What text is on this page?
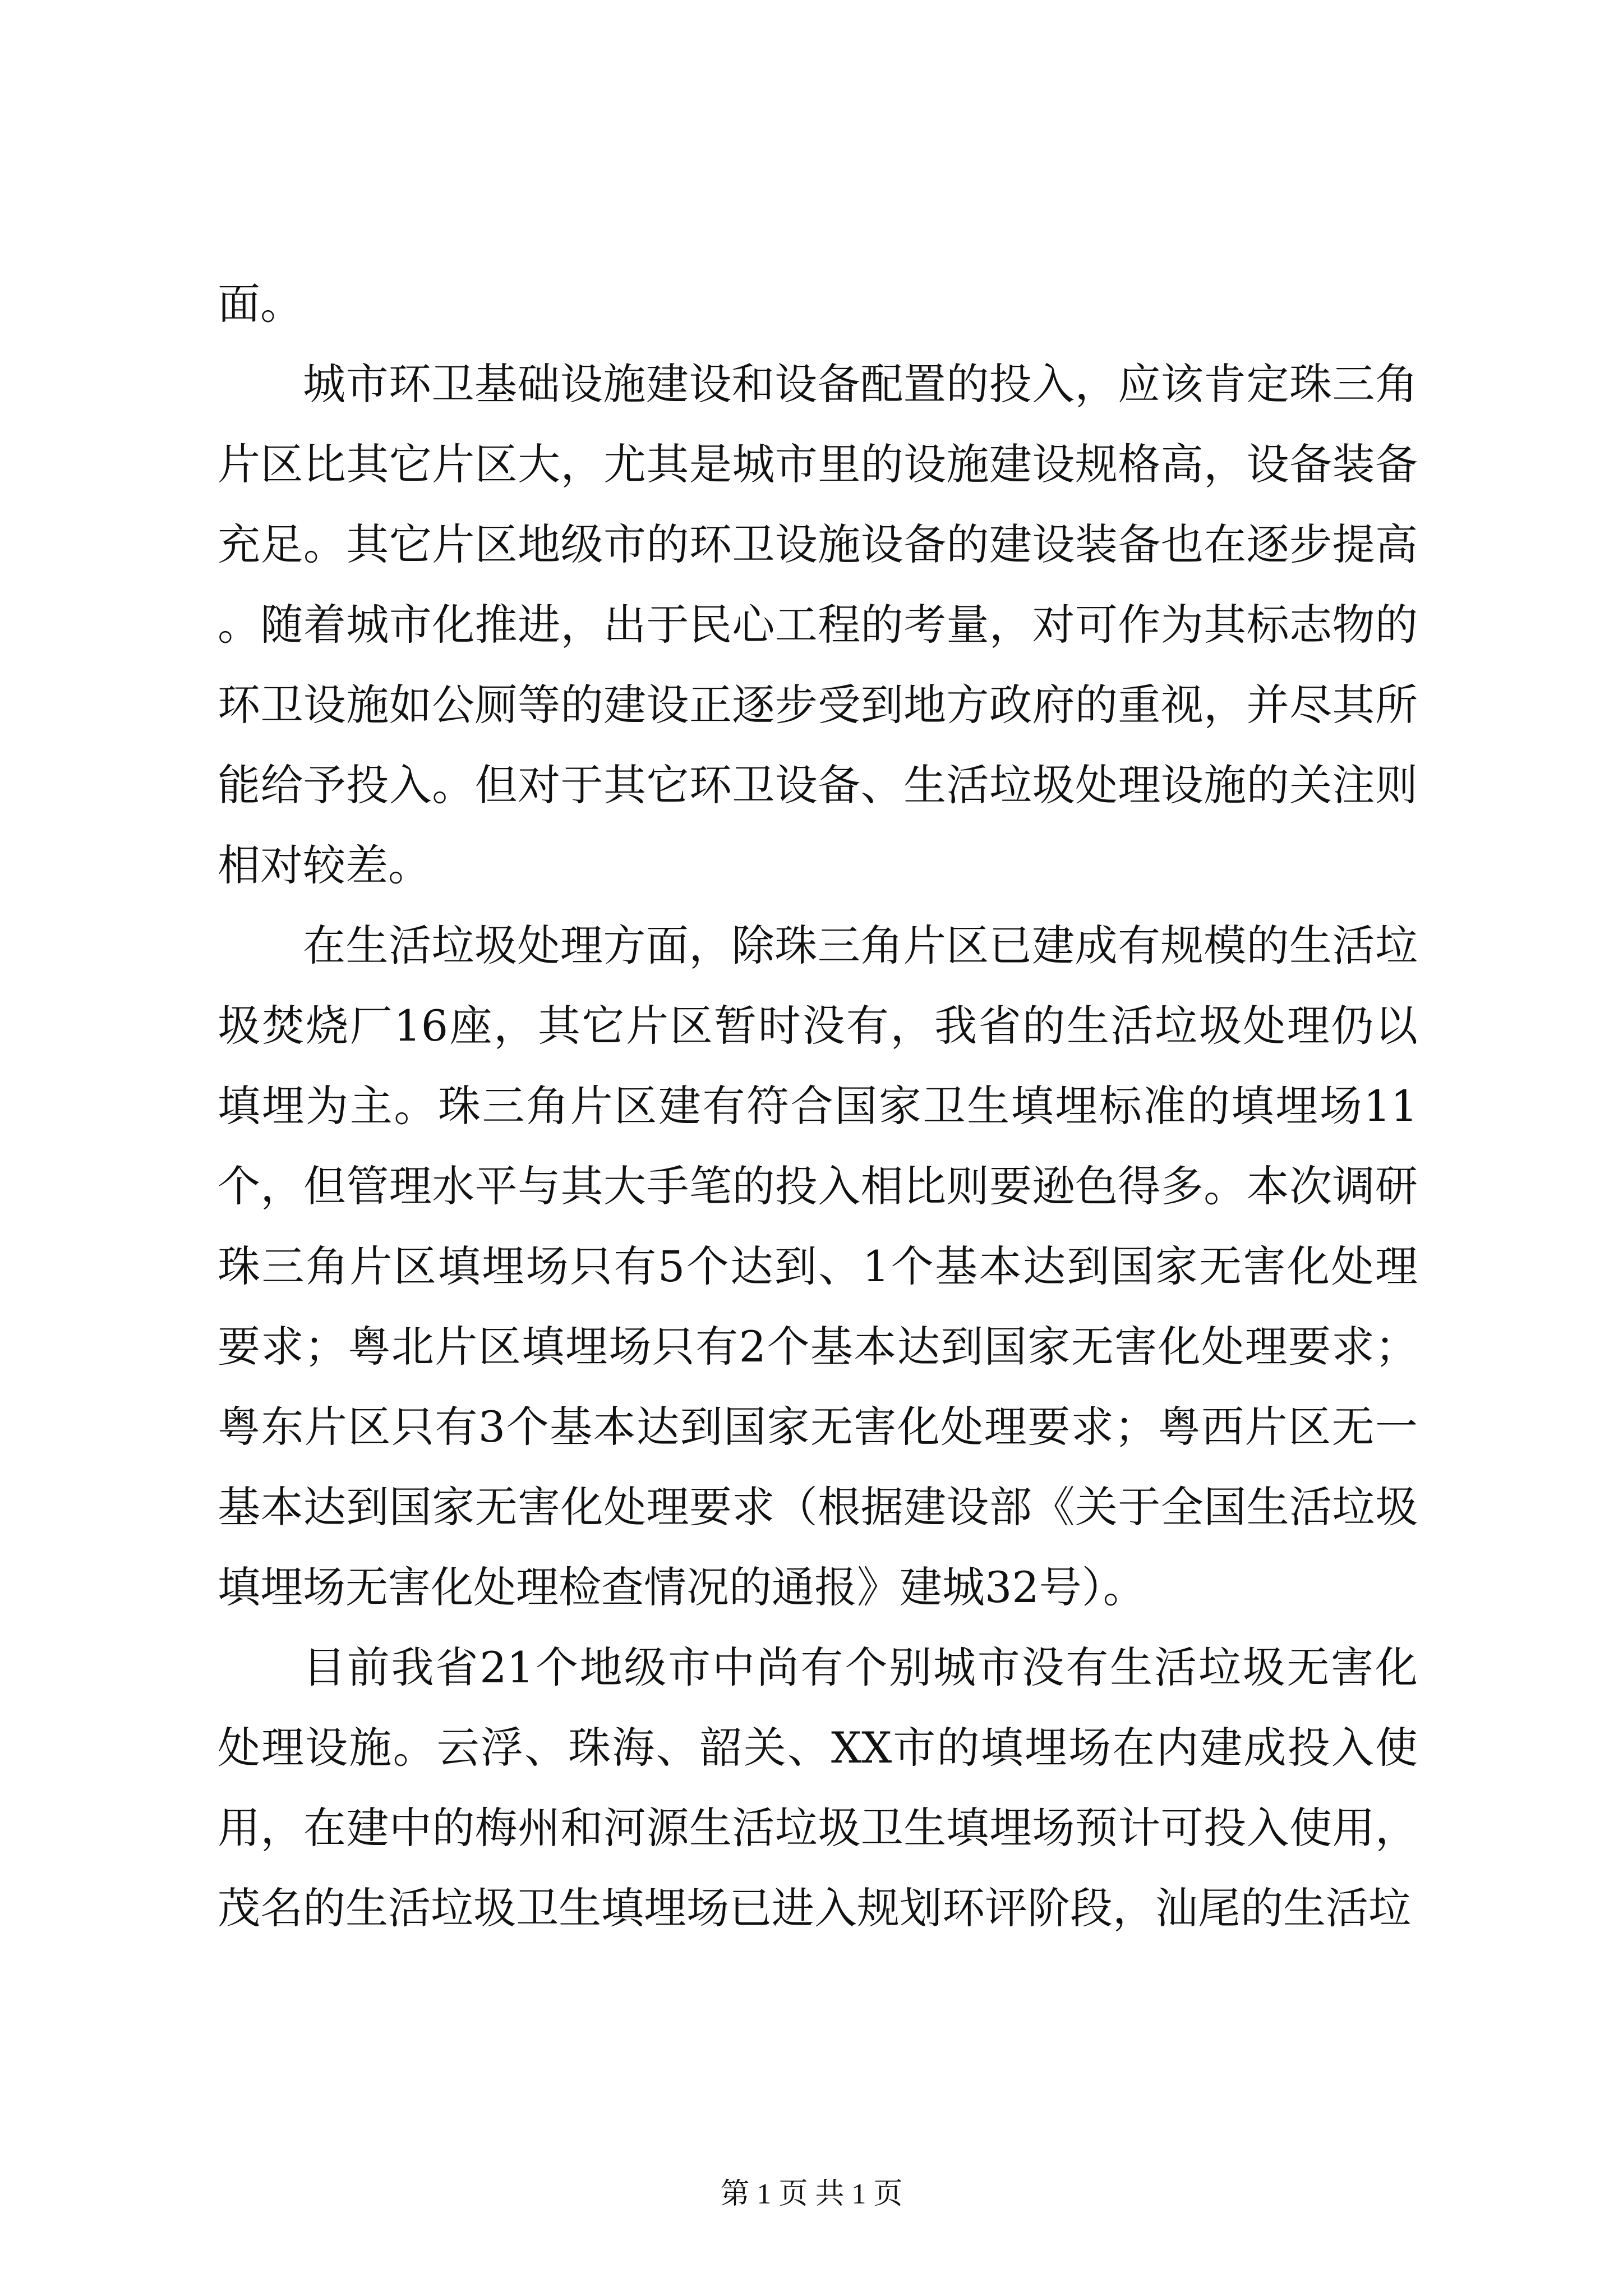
面。

城市环卫基础设施建设和设备配置的投入，应该肯定珠三角片区比其它片区大，尤其是城市里的设施建设规格高，设备装备充足。其它片区地级市的环卫设施设备的建设装备也在逐步提高。随着城市化推进，出于民心工程的考量，对可作为其标志物的环卫设施如公厕等的建设正逐步受到地方政府的重视，并尽其所能给予投入。但对于其它环卫设备、生活垃圾处理设施的关注则相对较差。

在生活垃圾处理方面，除珠三角片区已建成有规模的生活垃圾焚烧厂16座，其它片区暂时没有，我省的生活垃圾处理仍以填埋为主。珠三角片区建有符合国家卫生填埋标准的填埋场11个，但管理水平与其大手笔的投入相比则要逊色得多。本次调研珠三角片区填埋场只有5个达到、1个基本达到国家无害化处理要求；粤北片区填埋场只有2个基本达到国家无害化处理要求；粤东片区只有3个基本达到国家无害化处理要求；粤西片区无一基本达到国家无害化处理要求（根据建设部《关于全国生活垃圾填埋场无害化处理检查情况的通报》建城32号）。

目前我省21个地级市中尚有个别城市没有生活垃圾无害化处理设施。云浮、珠海、韶关、XX市的填埋场在内建成投入使用，在建中的梅州和河源生活垃圾卫生填埋场预计可投入使用，茂名的生活垃圾卫生填埋场已进入规划环评阶段，汕尾的生活垃

第 1 页 共 1 页
